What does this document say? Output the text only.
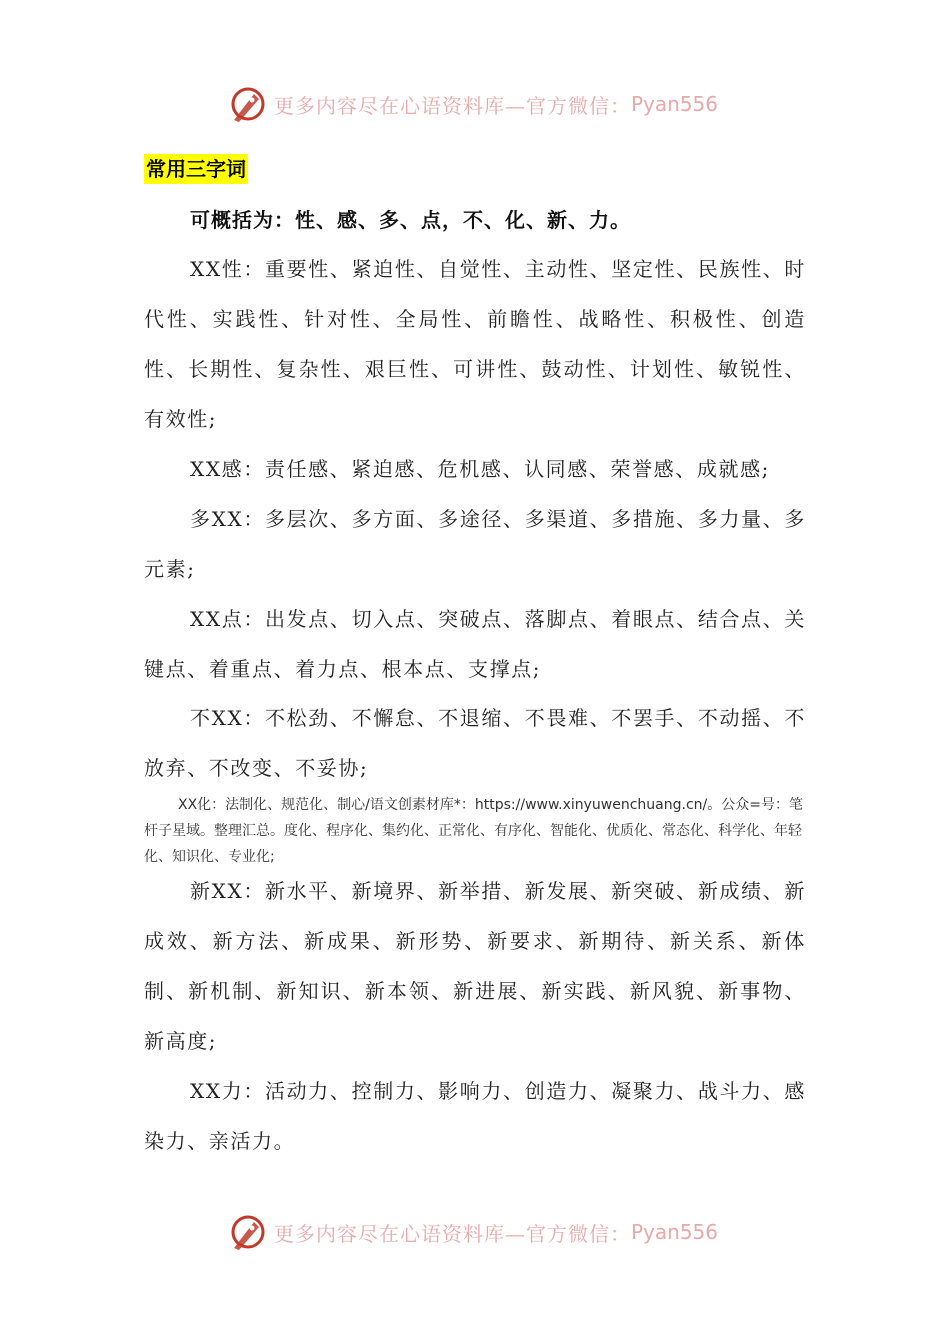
更多内容尽在心语资料库—官方微信： Pyan556
常用三字词
可概括为：性、感、多、点，不、化、新、力。

XX性：重要性、紧迫性、自觉性、主动性、坚定性、民族性、时代性、实践性、针对性、全局性、前瞻性、战略性、积极性、创造性、长期性、复杂性、艰巨性、可讲性、鼓动性、计划性、敏锐性、有效性;

XX感：责任感、紧迫感、危机感、认同感、荣誉感、成就感;

多XX：多层次、多方面、多途径、多渠道、多措施、多力量、多元素;

XX点：出发点、切入点、突破点、落脚点、着眼点、结合点、关键点、着重点、着力点、根本点、支撑点;

不XX：不松劲、不懈怠、不退缩、不畏难、不罢手、不动摇、不放弃、不改变、不妥协;

XX化：法制化、规范化、制心/语文创素材库*：https://www.xinyuwenchuang.cn/。公众=号：笔杆子星域。整理汇总。度化、程序化、集约化、正常化、有序化、智能化、优质化、常态化、科学化、年轻化、知识化、专业化;

新XX：新水平、新境界、新举措、新发展、新突破、新成绩、新成效、新方法、新成果、新形势、新要求、新期待、新关系、新体制、新机制、新知识、新本领、新进展、新实践、新风貌、新事物、新高度;

XX力：活动力、控制力、影响力、创造力、凝聚力、战斗力、感染力、亲活力。

更多内容尽在心语资料库—官方微信： Pyan556
